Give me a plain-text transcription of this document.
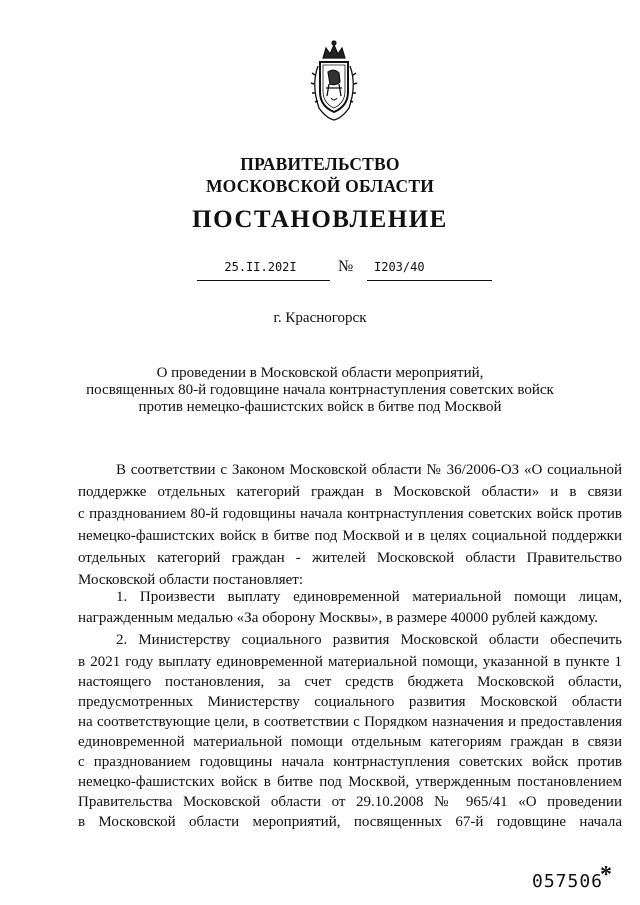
ПРАВИТЕЛЬСТВО
МОСКОВСКОЙ ОБЛАСТИ
ПОСТАНОВЛЕНИЕ
25.II.202I	№	I203/40
г. Красногорск
О проведении в Московской области мероприятий,
посвященных 80-й годовщине начала контрнаступления советских войск
против немецко-фашистских войск в битве под Москвой
В соответствии с Законом Московской области № 36/2006-ОЗ «О социальной
поддержке отдельных категорий граждан в Московской области» и в связи
с празднованием 80-й годовщины начала контрнаступления советских войск против
немецко-фашистских войск в битве под Москвой и в целях социальной поддержки
отдельных категорий граждан - жителей Московской области Правительство
Московской области постановляет:
1. Произвести выплату единовременной материальной помощи лицам,
награжденным медалью «За оборону Москвы», в размере 40000 рублей каждому.
2. Министерству социального развития Московской области обеспечить
в 2021 году выплату единовременной материальной помощи, указанной в пункте 1
настоящего постановления, за счет средств бюджета Московской области,
предусмотренных Министерству социального развития Московской области
на соответствующие цели, в соответствии с Порядком назначения и предоставления
единовременной материальной помощи отдельным категориям граждан в связи
с празднованием годовщины начала контрнаступления советских войск против
немецко-фашистских войск в битве под Москвой, утвержденным постановлением
Правительства Московской области от 29.10.2008 № 965/41 «О проведении
в Московской области мероприятий, посвященных 67-й годовщине начала
057506
*
